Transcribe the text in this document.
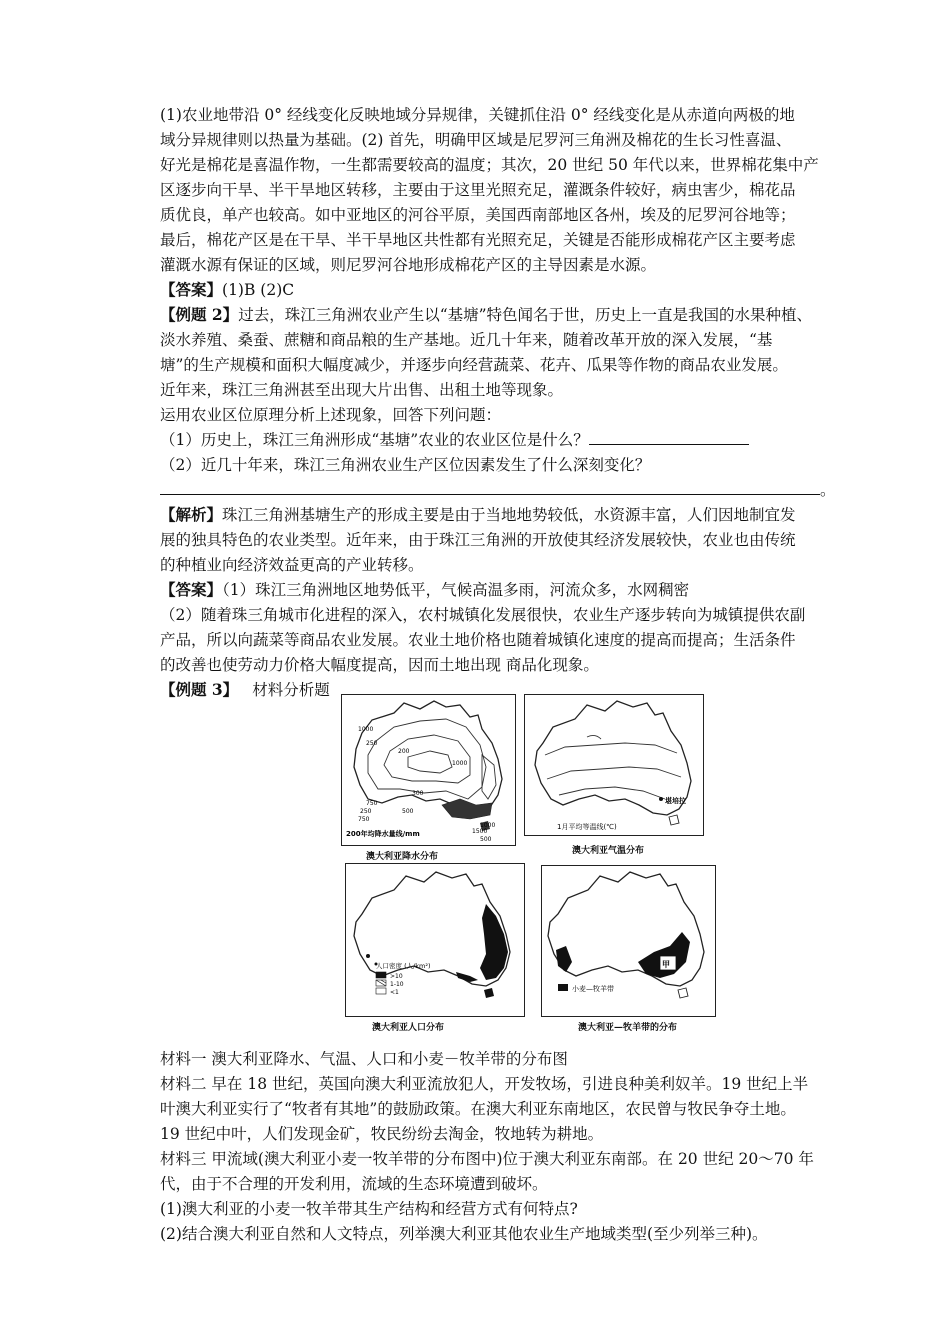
(1)农业地带沿 0° 经线变化反映地域分异规律，关键抓住沿 0° 经线变化是从赤道向两极的地
域分异规律则以热量为基础。(2) 首先，明确甲区域是尼罗河三角洲及棉花的生长习性喜温、
好光是棉花是喜温作物，一生都需要较高的温度；其次，20 世纪 50 年代以来，世界棉花集中产
区逐步向干旱、半干旱地区转移，主要由于这里光照充足，灌溉条件较好，病虫害少，棉花品
质优良，单产也较高。如中亚地区的河谷平原，美国西南部地区各州，埃及的尼罗河谷地等；
最后，棉花产区是在干旱、半干旱地区共性都有光照充足，关键是否能形成棉花产区主要考虑
灌溉水源有保证的区域，则尼罗河谷地形成棉花产区的主导因素是水源。
【答案】(1)B (2)C
【例题 2】过去，珠江三角洲农业产生以“基塘”特色闻名于世，历史上一直是我国的水果种植、
淡水养殖、桑蚕、蔗糖和商品粮的生产基地。近几十年来，随着改革开放的深入发展，“基
塘”的生产规模和面积大幅度减少，并逐步向经营蔬菜、花卉、瓜果等作物的商品农业发展。
近年来，珠江三角洲甚至出现大片出售、出租土地等现象。
运用农业区位原理分析上述现象，回答下列问题：
（1）历史上，珠江三角洲形成“基塘”农业的农业区位是什么？
（2）近几十年来，珠江三角洲农业生产区位因素发生了什么深刻变化？
。
【解析】珠江三角洲基塘生产的形成主要是由于当地地势较低，水资源丰富，人们因地制宜发
展的独具特色的农业类型。近年来，由于珠江三角洲的开放使其经济发展较快，农业也由传统
的种植业向经济效益更高的产业转移。
【答案】（1）珠江三角洲地区地势低平，气候高温多雨，河流众多，水网稠密
（2）随着珠三角城市化进程的深入，农村城镇化发展很快，农业生产逐步转向为城镇提供农副
产品，所以向蔬菜等商品农业发展。农业土地价格也随着城镇化速度的提高而提高；生活条件
的改善也使劳动力价格大幅度提高，因而土地出现 商品化现象。
【例题 3】 材料分析题
1000
250
200
300
750
1000
1500
1000
500
250
750
500
200年均降水量线/mm
澳大利亚降水分布
堪培拉
1月平均等温线(℃)
澳大利亚气温分布
人口密度 (人/km²)
>10
1-10
<1
澳大利亚人口分布
甲
小麦—牧羊带
澳大利亚—牧羊带的分布
材料一 澳大利亚降水、气温、人口和小麦－牧羊带的分布图
材料二 早在 18 世纪，英国向澳大利亚流放犯人，开发牧场，引进良种美利奴羊。19 世纪上半
叶澳大利亚实行了“牧者有其地”的鼓励政策。在澳大利亚东南地区，农民曾与牧民争夺土地。
19 世纪中叶，人们发现金矿，牧民纷纷去淘金，牧地转为耕地。
材料三 甲流域(澳大利亚小麦一牧羊带的分布图中)位于澳大利亚东南部。在 20 世纪 20～70 年
代，由于不合理的开发利用，流域的生态环境遭到破坏。
(1)澳大利亚的小麦一牧羊带其生产结构和经营方式有何特点?
(2)结合澳大利亚自然和人文特点，列举澳大利亚其他农业生产地域类型(至少列举三种)。
